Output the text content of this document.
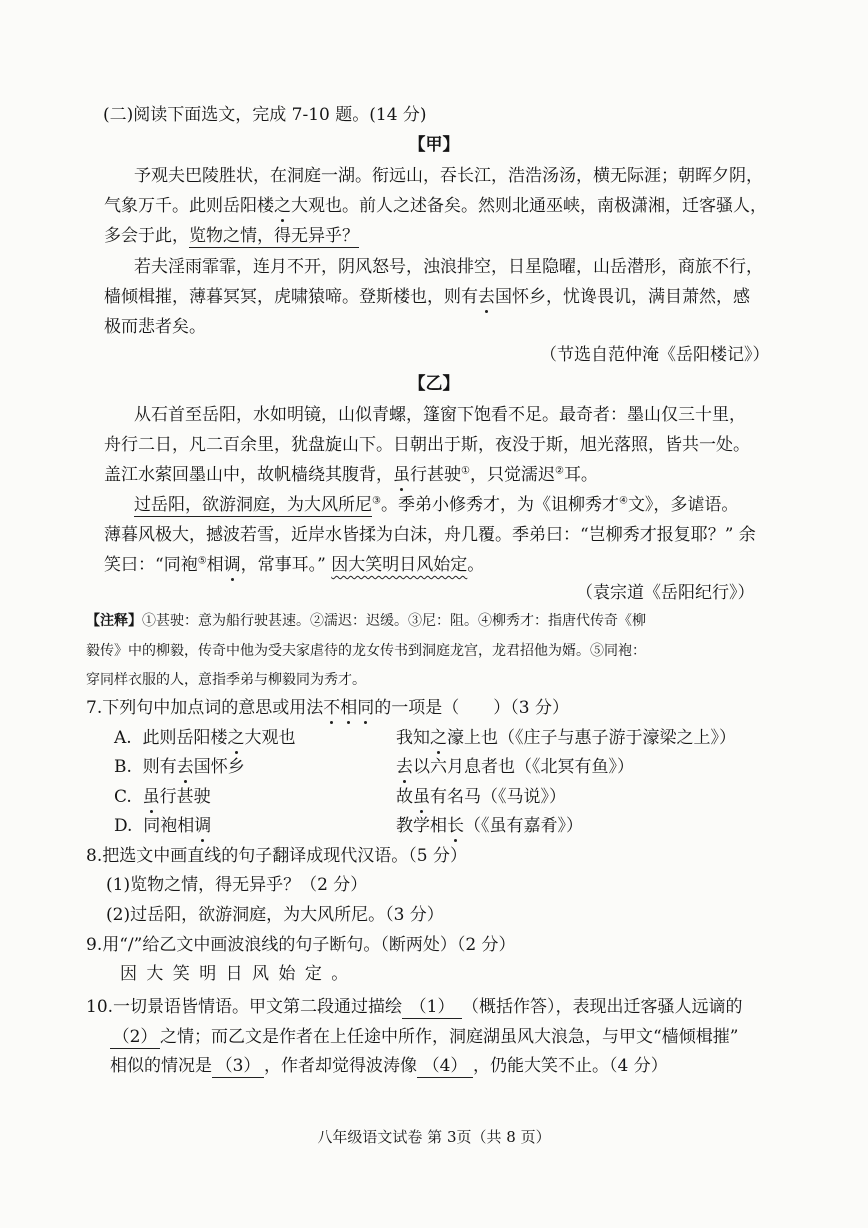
(二)阅读下面选文，完成 7-10 题。(14 分)
【甲】
予观夫巴陵胜状，在洞庭一湖。衔远山，吞长江，浩浩汤汤，横无际涯；朝晖夕阴，
气象万千。此则岳阳楼之大观也。前人之述备矣。然则北通巫峡，南极潇湘，迁客骚人，
多会于此，览物之情，得无异乎？
若夫淫雨霏霏，连月不开，阴风怒号，浊浪排空，日星隐曜，山岳潜形，商旅不行，
樯倾楫摧，薄暮冥冥，虎啸猿啼。登斯楼也，则有去国怀乡，忧谗畏讥，满目萧然，感
极而悲者矣。
（节选自范仲淹《岳阳楼记》）
【乙】
从石首至岳阳，水如明镜，山似青螺，篷窗下饱看不足。最奇者：墨山仅三十里，
舟行二日，凡二百余里，犹盘旋山下。日朝出于斯，夜没于斯，旭光落照，皆共一处。
盖江水萦回墨山中，故帆樯绕其腹背，虽行甚驶①，只觉濡迟②耳。
过岳阳，欲游洞庭，为大风所尼③。季弟小修秀才，为《诅柳秀才④文》，多谑语。
薄暮风极大，撼波若雪，近岸水皆揉为白沫，舟几覆。季弟曰：“岂柳秀才报复耶？” 余
笑曰：“同袍⑤相调，常事耳。” 因大笑明日风始定。
（袁宗道《岳阳纪行》）
【注释】①甚驶：意为船行驶甚速。②濡迟：迟缓。③尼：阻。④柳秀才：指唐代传奇《柳
毅传》中的柳毅，传奇中他为受夫家虐待的龙女传书到洞庭龙宫，龙君招他为婿。⑤同袍：
穿同样衣服的人，意指季弟与柳毅同为秀才。
7.下列句中加点词的意思或用法不相同的一项是（　　）（3 分）
A. 此则岳阳楼之大观也	我知之濠上也（《庄子与惠子游于濠梁之上》）
B. 则有去国怀乡	去以六月息者也（《北冥有鱼》）
C. 虽行甚驶	故虽有名马（《马说》）
D. 同袍相调	教学相长（《虽有嘉肴》）
8.把选文中画直线的句子翻译成现代汉语。（5 分）
(1)览物之情，得无异乎？（2 分）
(2)过岳阳，欲游洞庭，为大风所尼。（3 分）
9.用“/”给乙文中画波浪线的句子断句。（断两处）（2 分）
因 大 笑 明 日 风 始 定 。
10.一切景语皆情语。甲文第二段通过描绘 （1） （概括作答），表现出迁客骚人远谪的
（2） 之情；而乙文是作者在上任途中所作，洞庭湖虽风大浪急，与甲文“樯倾楫摧”
相似的情况是 （3） ，作者却觉得波涛像 （4） ，仍能大笑不止。（4 分）
八年级语文试卷 第 3页（共 8 页）
